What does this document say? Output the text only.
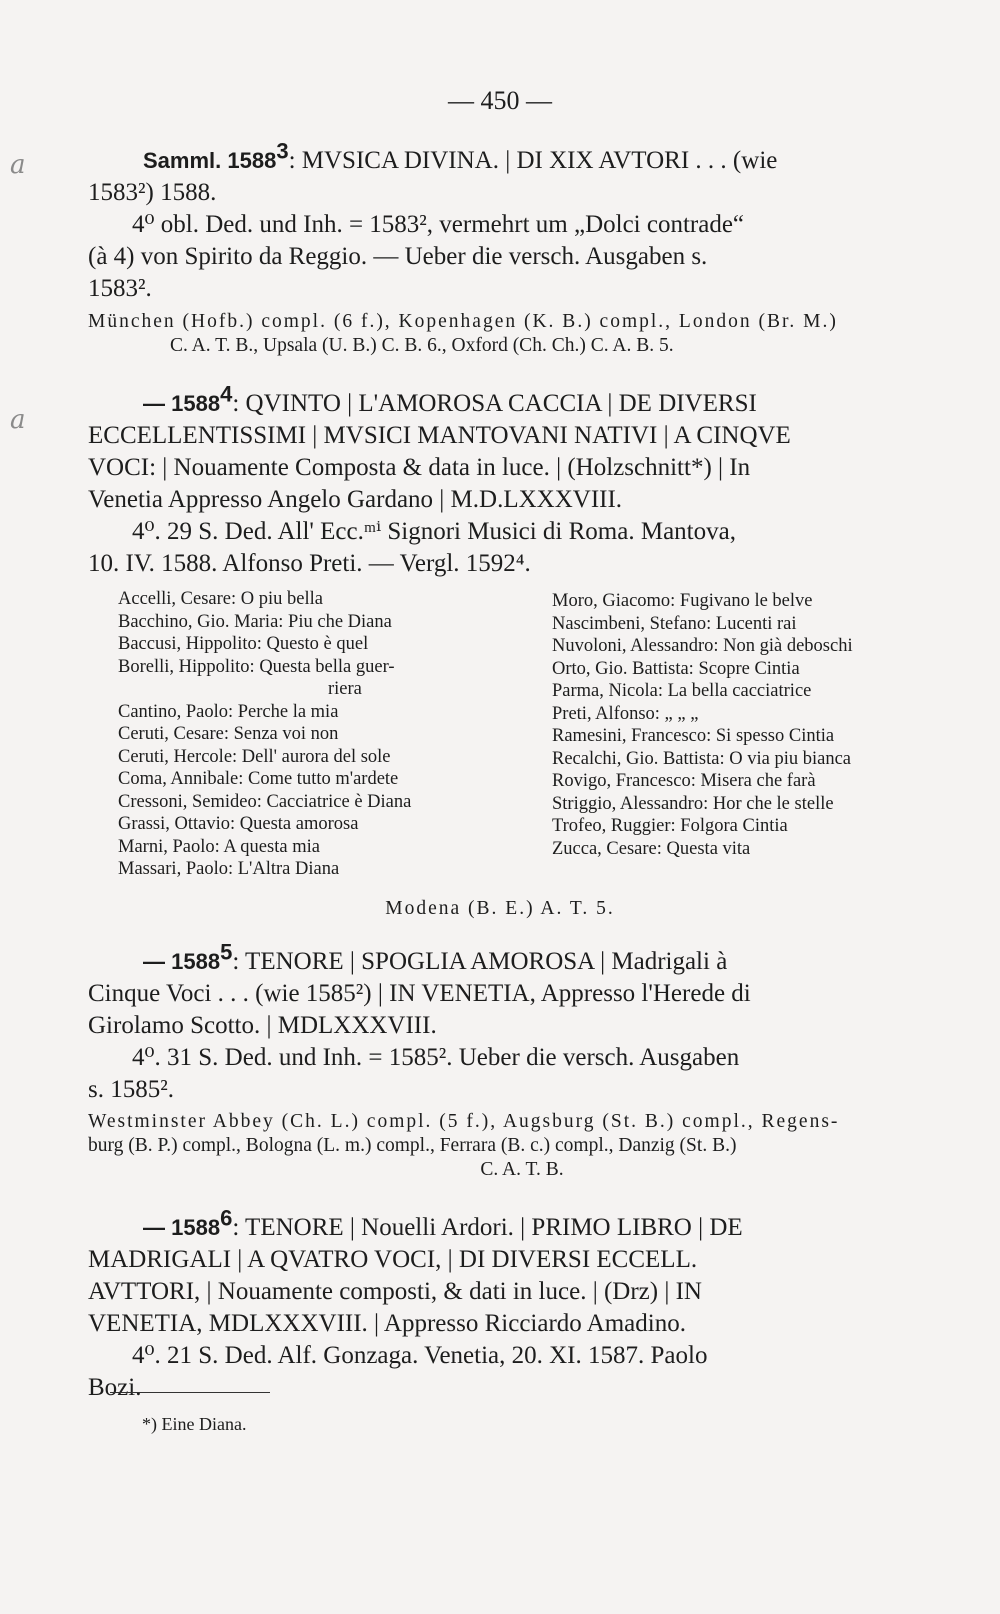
a
a
— 450 —
Samml. 1588$^3$: MVSICA DIVINA. | DI XIX AVTORI . . . (wie
1583²) 1588.
4⁰ obl. Ded. und Inh. = 1583², vermehrt um „Dolci contrade“
(à 4) von Spirito da Reggio. — Ueber die versch. Ausgaben s.
1583².
München (Hofb.) compl. (6 f.), Kopenhagen (K. B.) compl., London (Br. M.)
C. A. T. B., Upsala (U. B.) C. B. 6., Oxford (Ch. Ch.) C. A. B. 5.
— 1588$^4$: QVINTO | L'AMOROSA CACCIA | DE DIVERSI
ECCELLENTISSIMI | MVSICI MANTOVANI NATIVI | A CINQVE
VOCI: | Nouamente Composta & data in luce. | (Holzschnitt*) | In
Venetia Appresso Angelo Gardano | M.D.LXXXVIII.
4⁰. 29 S. Ded. All' Ecc.ᵐⁱ Signori Musici di Roma. Mantova,
10. IV. 1588. Alfonso Preti. — Vergl. 1592⁴.
Accelli, Cesare: O piu bella
Bacchino, Gio. Maria: Piu che Diana
Baccusi, Hippolito: Questo è quel
Borelli, Hippolito: Questa bella guer-
riera
Cantino, Paolo: Perche la mia
Ceruti, Cesare: Senza voi non
Ceruti, Hercole: Dell' aurora del sole
Coma, Annibale: Come tutto m'ardete
Cressoni, Semideo: Cacciatrice è Diana
Grassi, Ottavio: Questa amorosa
Marni, Paolo: A questa mia
Massari, Paolo: L'Altra Diana
Moro, Giacomo: Fugivano le belve
Nascimbeni, Stefano: Lucenti rai
Nuvoloni, Alessandro: Non già deboschi
Orto, Gio. Battista: Scopre Cintia
Parma, Nicola: La bella cacciatrice
Preti, Alfonso: „ „ „
Ramesini, Francesco: Si spesso Cintia
Recalchi, Gio. Battista: O via piu bianca
Rovigo, Francesco: Misera che farà
Striggio, Alessandro: Hor che le stelle
Trofeo, Ruggier: Folgora Cintia
Zucca, Cesare: Questa vita
Modena (B. E.) A. T. 5.
— 1588$^5$: TENORE | SPOGLIA AMOROSA | Madrigali à
Cinque Voci . . . (wie 1585²) | IN VENETIA, Appresso l'Herede di
Girolamo Scotto. | MDLXXXVIII.
4⁰. 31 S. Ded. und Inh. = 1585². Ueber die versch. Ausgaben
s. 1585².
Westminster Abbey (Ch. L.) compl. (5 f.), Augsburg (St. B.) compl., Regens-
burg (B. P.) compl., Bologna (L. m.) compl., Ferrara (B. c.) compl., Danzig (St. B.)
C. A. T. B.
— 1588$^6$: TENORE | Nouelli Ardori. | PRIMO LIBRO | DE
MADRIGALI | A QVATRO VOCI, | DI DIVERSI ECCELL.
AVTTORI, | Nouamente composti, & dati in luce. | (Drz) | IN
VENETIA, MDLXXXVIII. | Appresso Ricciardo Amadino.
4⁰. 21 S. Ded. Alf. Gonzaga. Venetia, 20. XI. 1587. Paolo
Bozi.
*) Eine Diana.
